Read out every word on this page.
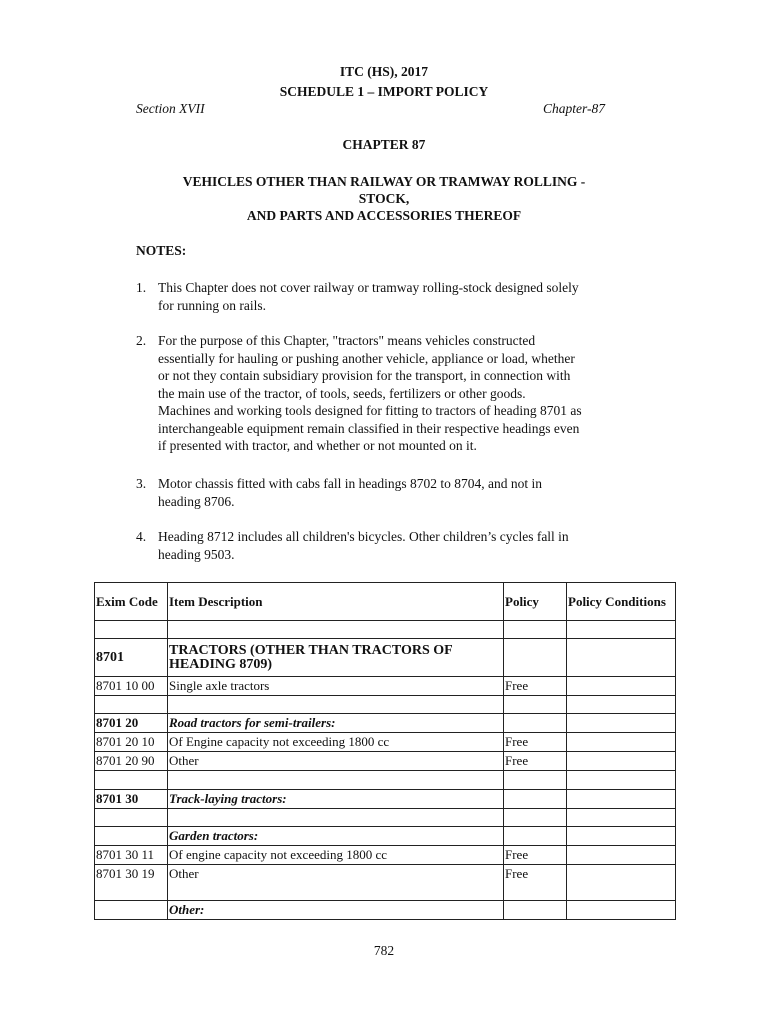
ITC (HS), 2017
SCHEDULE 1 – IMPORT POLICY
Section XVII	Chapter-87
CHAPTER 87
VEHICLES OTHER THAN RAILWAY OR TRAMWAY ROLLING -
STOCK,
AND PARTS AND ACCESSORIES THEREOF
NOTES:
1. This Chapter does not cover railway or tramway rolling-stock designed solely
for running on rails.
2. For the purpose of this Chapter, "tractors" means vehicles constructed
essentially for hauling or pushing another vehicle, appliance or load, whether
or not they contain subsidiary provision for the transport, in connection with
the main use of the tractor, of tools, seeds, fertilizers or other goods.
Machines and working tools designed for fitting to tractors of heading 8701 as
interchangeable equipment remain classified in their respective headings even
if presented with tractor, and whether or not mounted on it.
3. Motor chassis fitted with cabs fall in headings 8702 to 8704, and not in
heading 8706.
4. Heading 8712 includes all children's bicycles. Other children’s cycles fall in
heading 9503.
Exim Code	Item Description	Policy	Policy Conditions

8701	TRACTORS (OTHER THAN TRACTORS OF HEADING 8709)		
8701 10 00	Single axle tractors	Free	

8701 20	Road tractors for semi-trailers:		
8701 20 10	Of Engine capacity not exceeding 1800 cc	Free	
8701 20 90	Other	Free	

8701 30	Track-laying tractors:		

	Garden tractors:		
8701 30 11	Of engine capacity not exceeding 1800 cc	Free	
8701 30 19	Other	Free	
	Other:		
782
